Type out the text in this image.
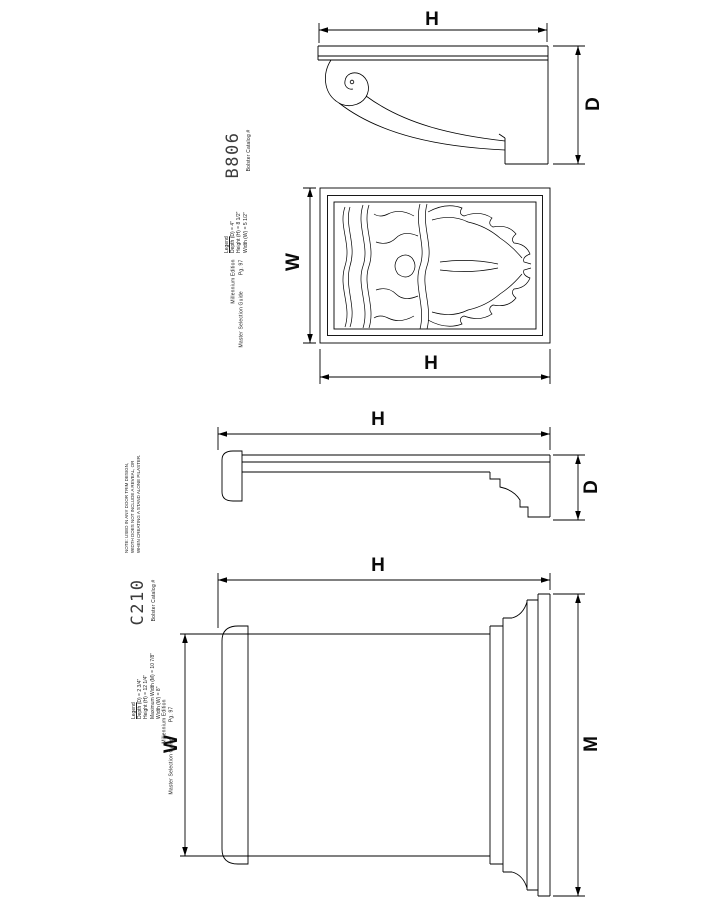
H
D
W
H
Bolster Catalog #
B806
Legend Depth (D) = 4" Height (H) = 8 1/2" Width (W) = 5 1/2"
Millennium Edition
Master Selection Guide
Pg. 97
H
D
H
W	M
NOTE: USED IN ANY DOOR TRIM DESIGN, WIDTH DOES NOT INCLUDE A REVEAL, OR WHEN CREATING A STAND ALONE PILASTER.
Bolster Catalog #
C210
Legend Depth (D) = 2 3/4" Height (H) = 12 1/4" Maximum Width (M) = 10 7/8" Width (W) = 8" Millennium Edition
Master Selection Guide
Pg. 97
